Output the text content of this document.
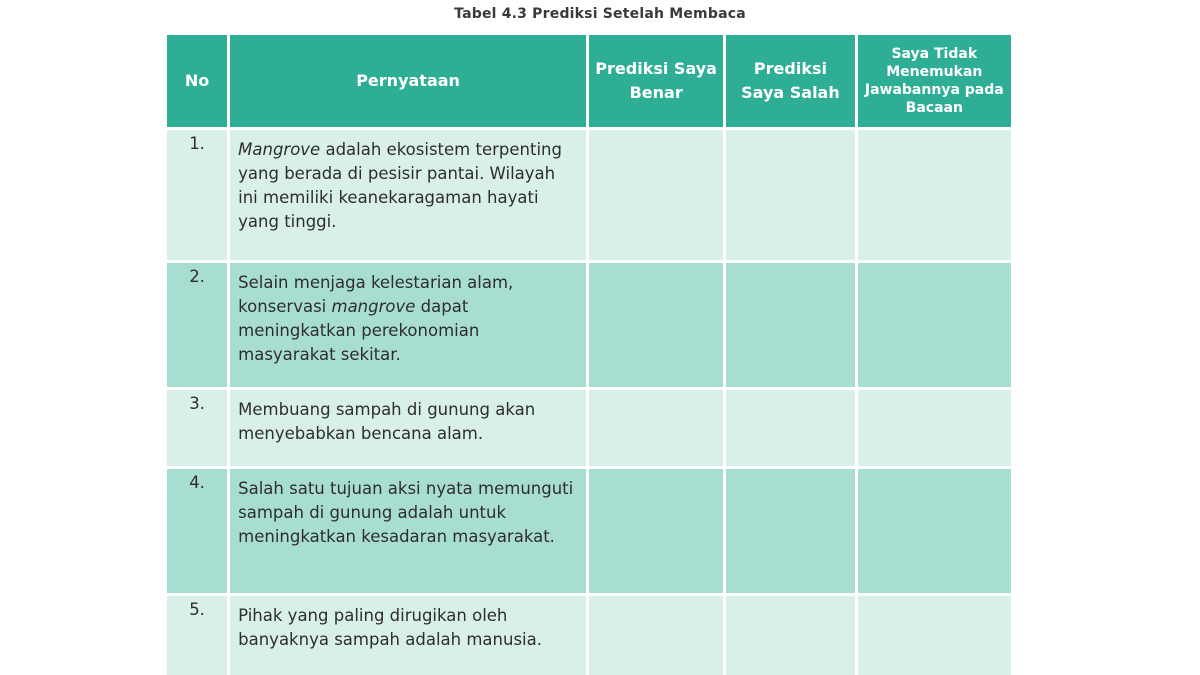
Tabel 4.3 Prediksi Setelah Membaca
No	Pernyataan	Prediksi Saya Benar	Prediksi Saya Salah	Saya Tidak Menemukan Jawabannya pada Bacaan
1.	Mangrove adalah ekosistem terpenting yang berada di pesisir pantai. Wilayah ini memiliki keanekaragaman hayati yang tinggi.			

2.	Selain menjaga kelestarian alam, konservasi mangrove dapat meningkatkan perekonomian masyarakat sekitar.			

3.	Membuang sampah di gunung akan menyebabkan bencana alam.			

4.	Salah satu tujuan aksi nyata memunguti sampah di gunung adalah untuk meningkatkan kesadaran masyarakat.			

5.	Pihak yang paling dirugikan oleh banyaknya sampah adalah manusia.			
